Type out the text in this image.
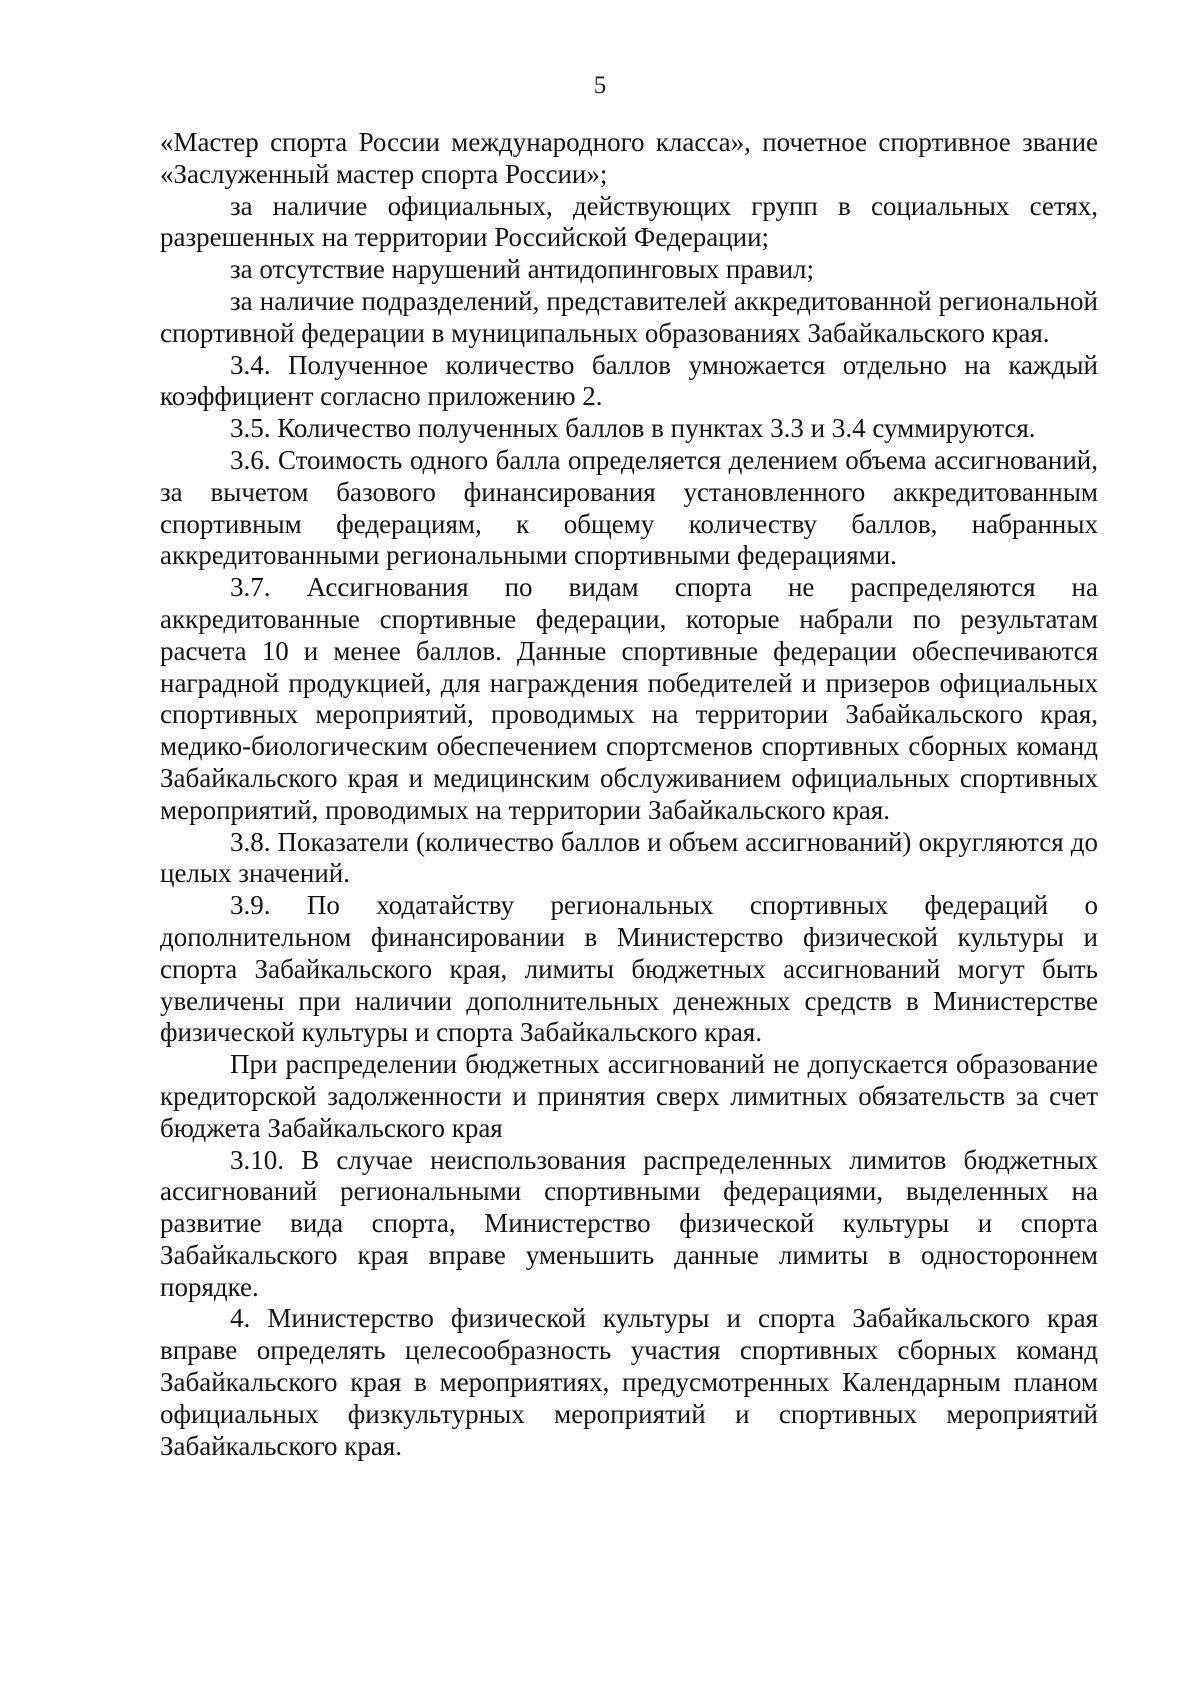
5

«Мастер спорта России международного класса», почетное спортивное звание «Заслуженный мастер спорта России»;

за наличие официальных, действующих групп в социальных сетях, разрешенных на территории Российской Федерации;

за отсутствие нарушений антидопинговых правил;

за наличие подразделений, представителей аккредитованной региональной спортивной федерации в муниципальных образованиях Забайкальского края.

3.4. Полученное количество баллов умножается отдельно на каждый коэффициент согласно приложению 2.

3.5. Количество полученных баллов в пунктах 3.3 и 3.4 суммируются.

3.6. Стоимость одного балла определяется делением объема ассигнований, за вычетом базового финансирования установленного аккредитованным спортивным федерациям, к общему количеству баллов, набранных аккредитованными региональными спортивными федерациями.

3.7. Ассигнования по видам спорта не распределяются на аккредитованные спортивные федерации, которые набрали по результатам расчета 10 и менее баллов. Данные спортивные федерации обеспечиваются наградной продукцией, для награждения победителей и призеров официальных спортивных мероприятий, проводимых на территории Забайкальского края, медико-биологическим обеспечением спортсменов спортивных сборных команд Забайкальского края и медицинским обслуживанием официальных спортивных мероприятий, проводимых на территории Забайкальского края.

3.8. Показатели (количество баллов и объем ассигнований) округляются до целых значений.

3.9. По ходатайству региональных спортивных федераций о дополнительном финансировании в Министерство физической культуры и спорта Забайкальского края, лимиты бюджетных ассигнований могут быть увеличены при наличии дополнительных денежных средств в Министерстве физической культуры и спорта Забайкальского края.

При распределении бюджетных ассигнований не допускается образование кредиторской задолженности и принятия сверх лимитных обязательств за счет бюджета Забайкальского края

3.10. В случае неиспользования распределенных лимитов бюджетных ассигнований региональными спортивными федерациями, выделенных на развитие вида спорта, Министерство физической культуры и спорта Забайкальского края вправе уменьшить данные лимиты в одностороннем порядке.

4. Министерство физической культуры и спорта Забайкальского края вправе определять целесообразность участия спортивных сборных команд Забайкальского края в мероприятиях, предусмотренных Календарным планом официальных физкультурных мероприятий и спортивных мероприятий Забайкальского края.
